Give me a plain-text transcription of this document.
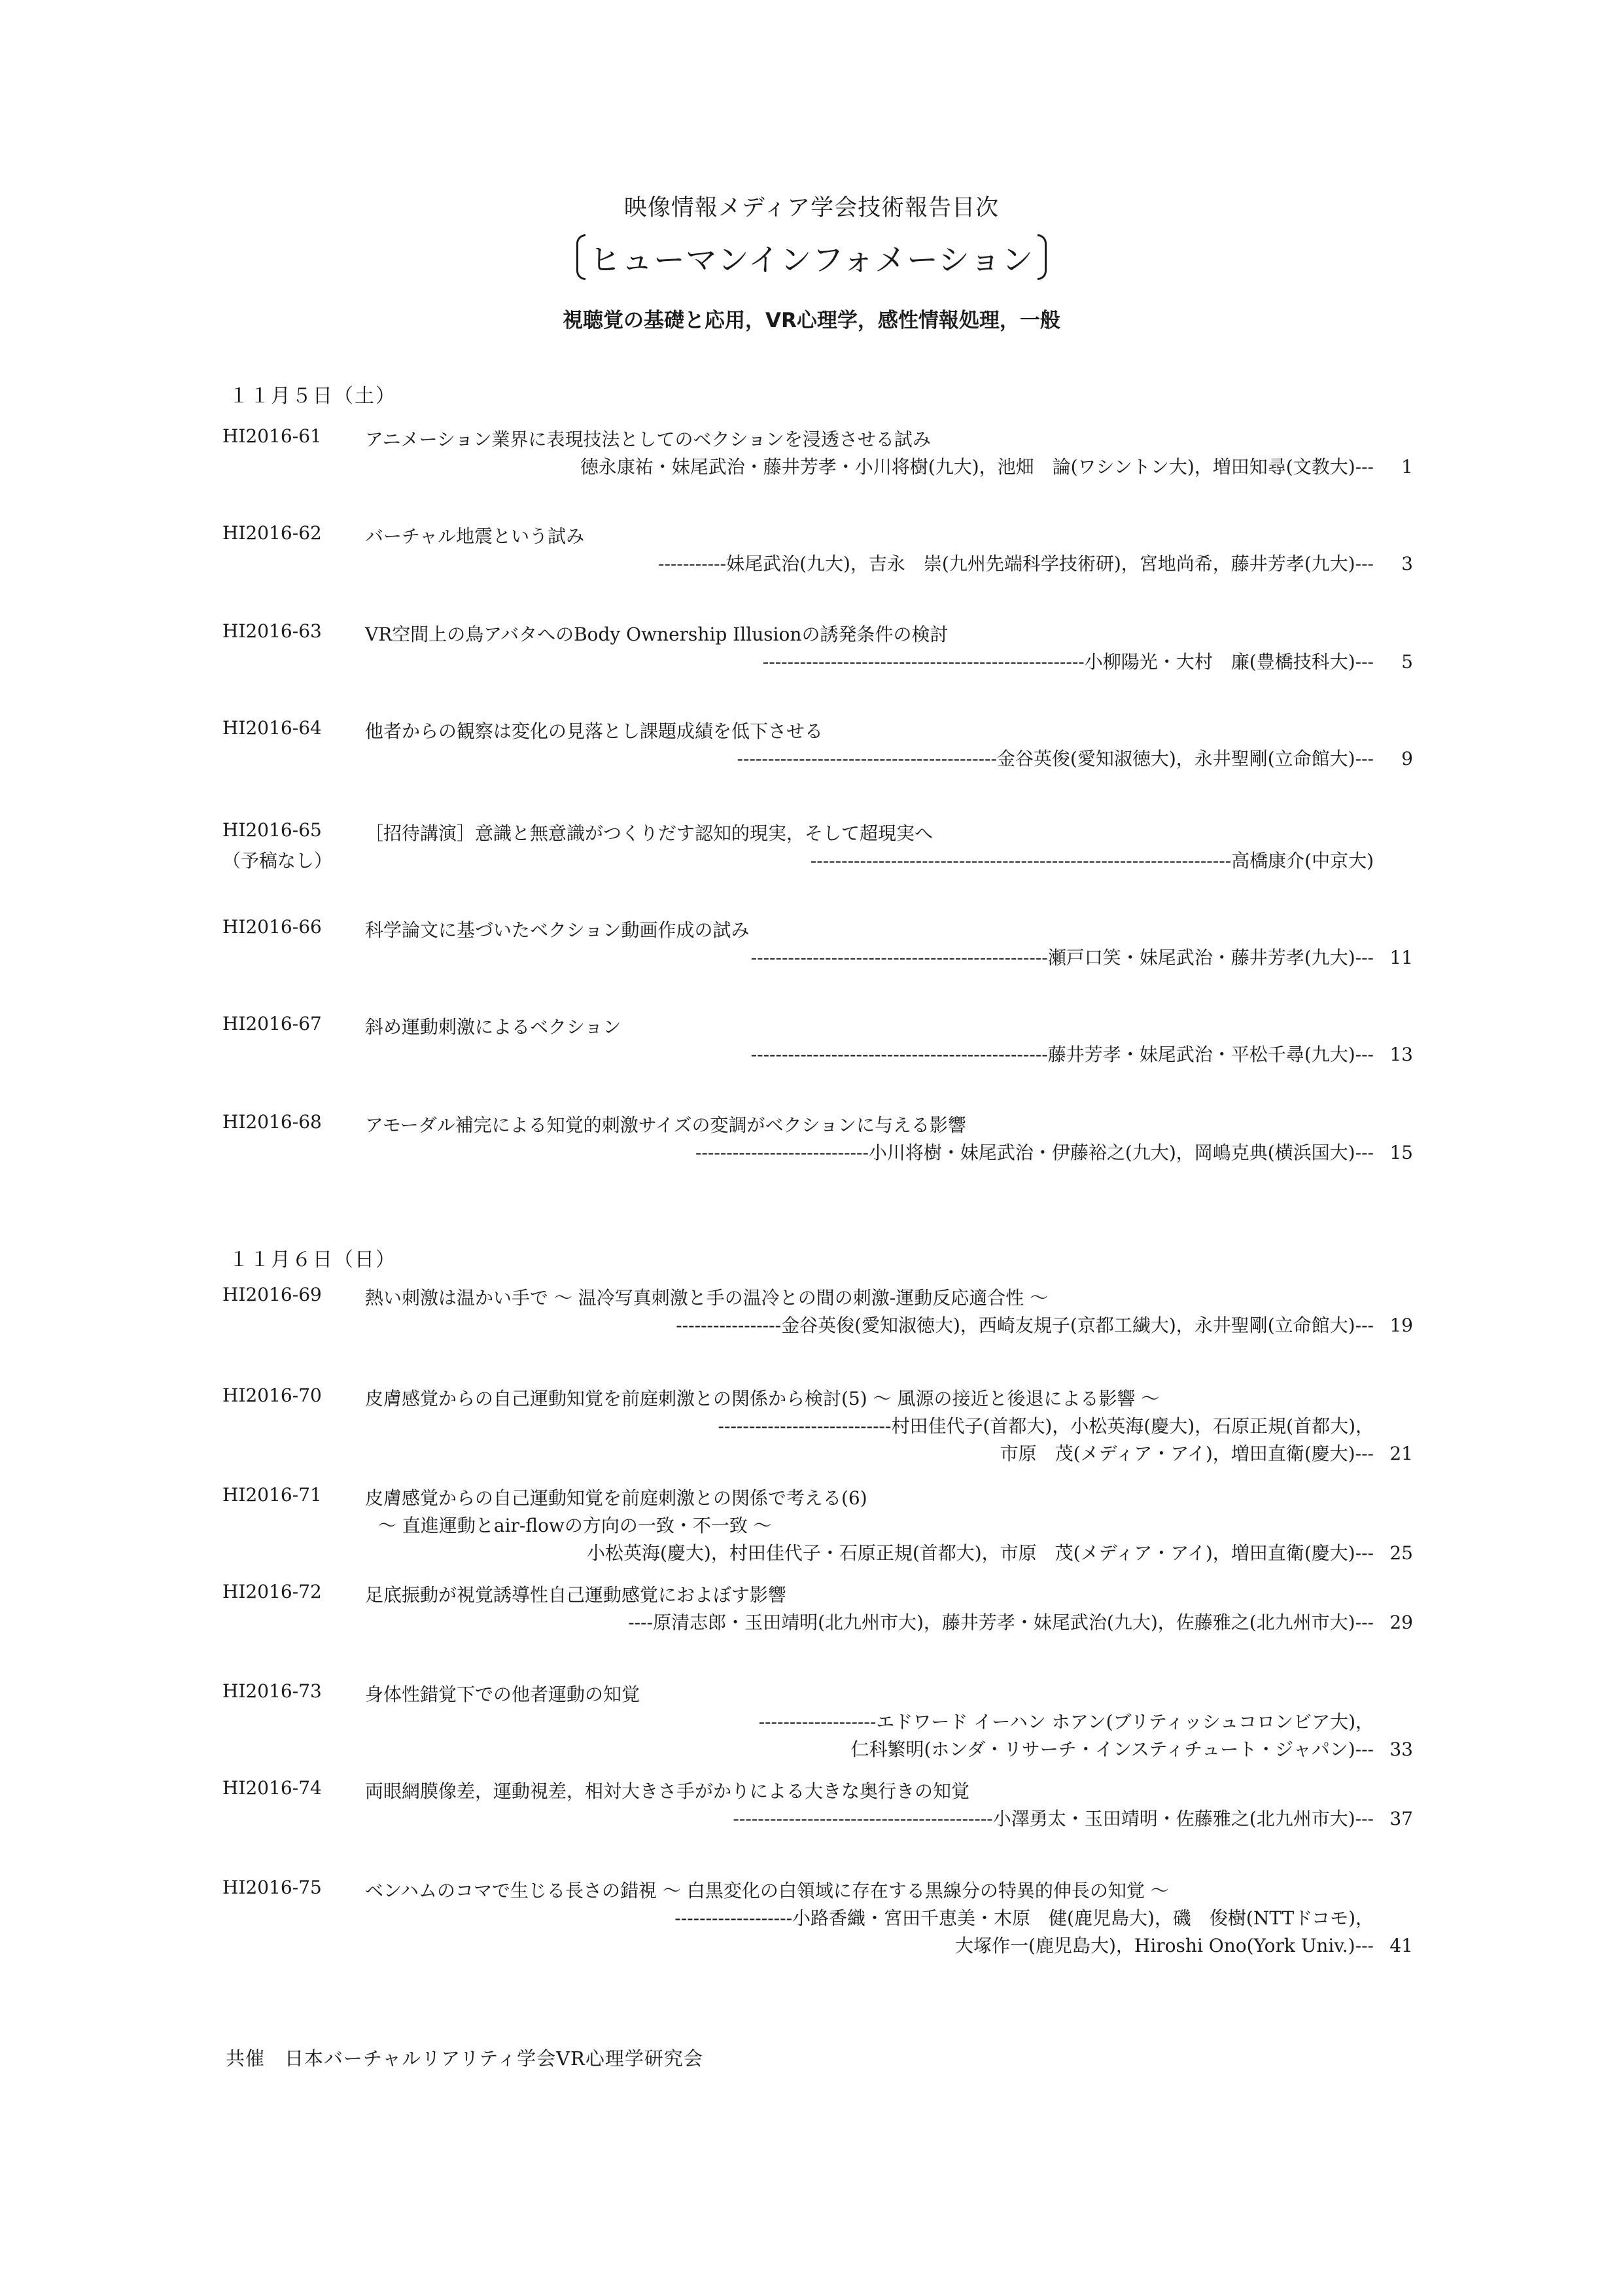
映像情報メディア学会技術報告目次
ヒューマンインフォメーション
視聴覚の基礎と応用，VR心理学，感性情報処理，一般
１１月５日（土）
１１月６日（日）
HI2016-61 アニメーション業界に表現技法としてのベクションを浸透させる試み
徳永康祐・妹尾武治・藤井芳孝・小川将樹(九大)，池畑　論(ワシントン大)，増田知尋(文教大)---	1
HI2016-62 バーチャル地震という試み
----------- 妹尾武治(九大)，吉永　崇(九州先端科学技術研)，宮地尚希，藤井芳孝(九大)---	3
HI2016-63 VR空間上の鳥アバタへのBody Ownership Illusionの誘発条件の検討
---------------------------------------------------- 小柳陽光・大村　廉(豊橋技科大)---	5
HI2016-64 他者からの観察は変化の見落とし課題成績を低下させる
------------------------------------------ 金谷英俊(愛知淑徳大)，永井聖剛(立命館大)---	9
HI2016-65
（予稿なし）
［招待講演］意識と無意識がつくりだす認知的現実，そして超現実へ
-------------------------------------------------------------------- 高橋康介(中京大)
HI2016-66 科学論文に基づいたベクション動画作成の試み
------------------------------------------------ 瀬戸口笑・妹尾武治・藤井芳孝(九大)--- 11
HI2016-67 斜め運動刺激によるベクション
------------------------------------------------ 藤井芳孝・妹尾武治・平松千尋(九大)--- 13
HI2016-68 アモーダル補完による知覚的刺激サイズの変調がベクションに与える影響
---------------------------- 小川将樹・妹尾武治・伊藤裕之(九大)，岡嶋克典(横浜国大)--- 15
HI2016-69 熱い刺激は温かい手で ～ 温冷写真刺激と手の温冷との間の刺激-運動反応適合性 ～
----------------- 金谷英俊(愛知淑徳大)，西崎友規子(京都工繊大)，永井聖剛(立命館大)--- 19
HI2016-70 皮膚感覚からの自己運動知覚を前庭刺激との関係から検討(5) ～ 風源の接近と後退による影響 ～
---------------------------- 村田佳代子(首都大)，小松英海(慶大)，石原正規(首都大)，
市原　茂(メディア・アイ)，増田直衛(慶大)--- 21
HI2016-71 皮膚感覚からの自己運動知覚を前庭刺激との関係で考える(6)
～ 直進運動とair-flowの方向の一致・不一致 ～
小松英海(慶大)，村田佳代子・石原正規(首都大)，市原　茂(メディア・アイ)，増田直衛(慶大)--- 25
HI2016-72 足底振動が視覚誘導性自己運動感覚におよぼす影響
---- 原清志郎・玉田靖明(北九州市大)，藤井芳孝・妹尾武治(九大)，佐藤雅之(北九州市大)--- 29
HI2016-73 身体性錯覚下での他者運動の知覚
------------------- エドワード イーハン ホアン(ブリティッシュコロンビア大)，
仁科繁明(ホンダ・リサーチ・インスティチュート・ジャパン)--- 33
HI2016-74 両眼網膜像差，運動視差，相対大きさ手がかりによる大きな奥行きの知覚
------------------------------------------ 小澤勇太・玉田靖明・佐藤雅之(北九州市大)--- 37
HI2016-75 ベンハムのコマで生じる長さの錯視 ～ 白黒変化の白領域に存在する黒線分の特異的伸長の知覚 ～
------------------- 小路香織・宮田千恵美・木原　健(鹿児島大)，磯　俊樹(NTTドコモ)，
大塚作一(鹿児島大)，Hiroshi Ono(York Univ.)--- 41
共催　日本バーチャルリアリティ学会VR心理学研究会
